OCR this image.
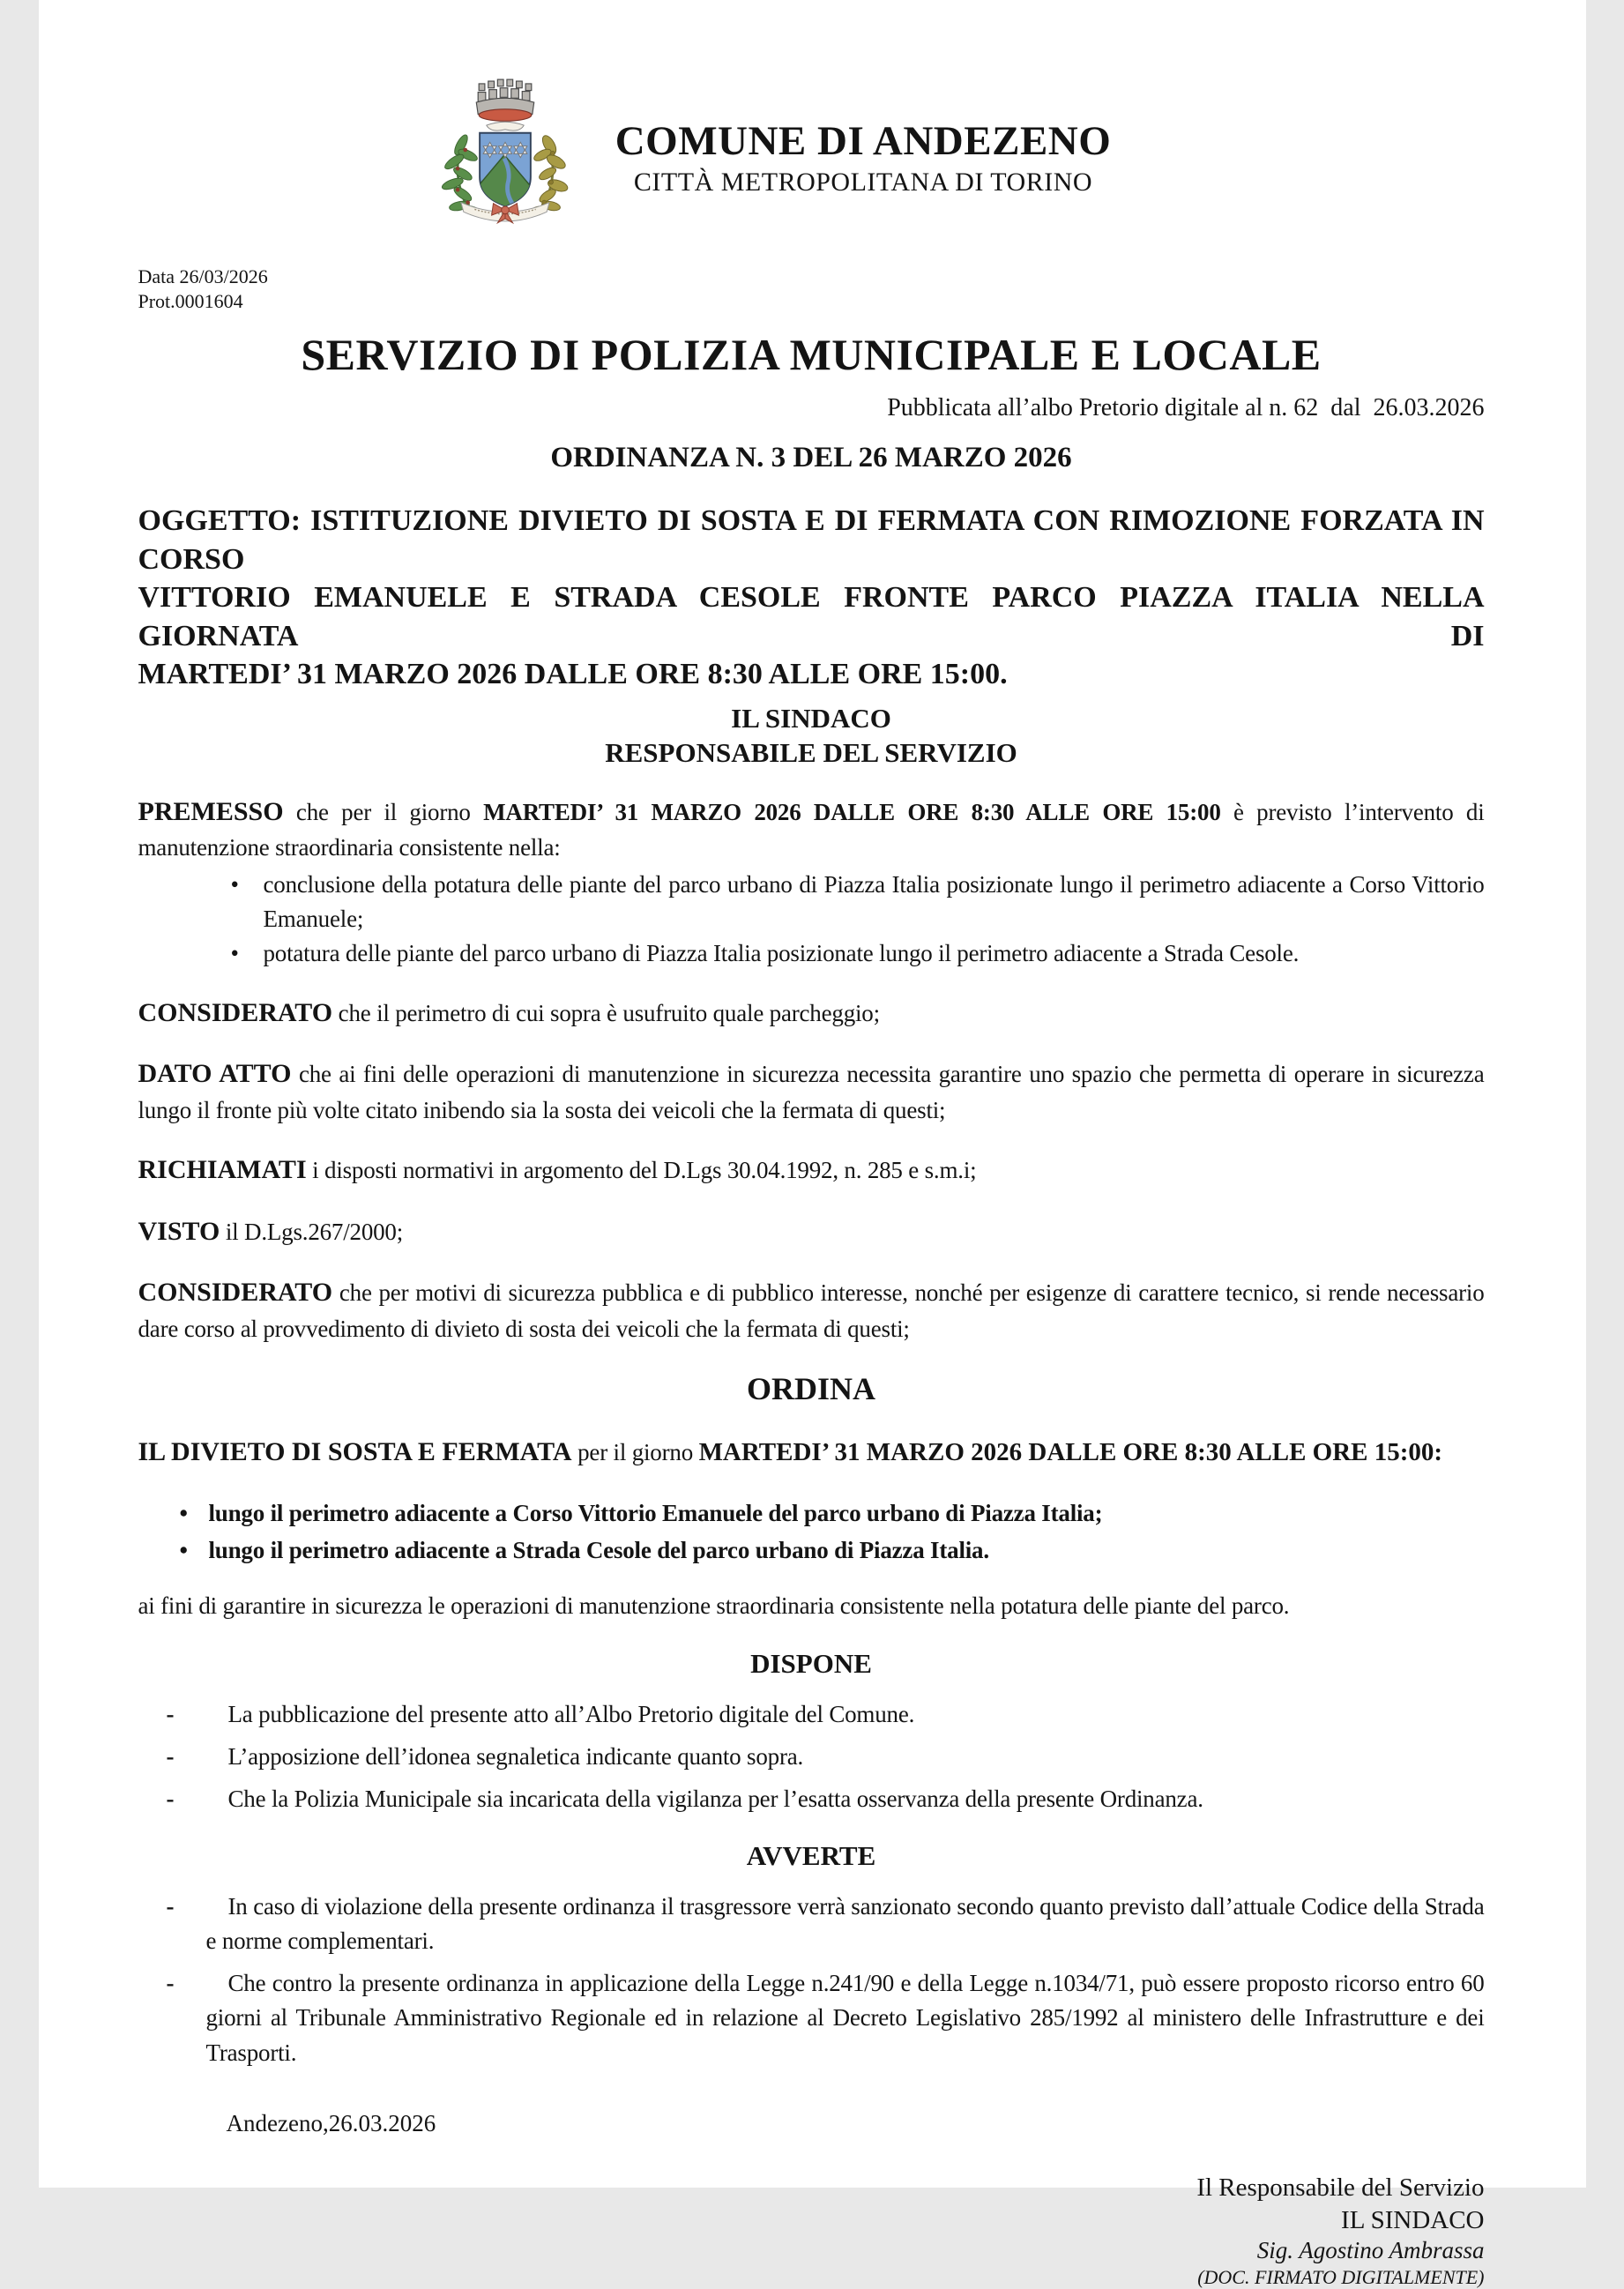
COMUNE DI ANDEZENO
CITTÀ METROPOLITANA DI TORINO
Data 26/03/2026
Prot.0001604
SERVIZIO DI POLIZIA MUNICIPALE E LOCALE
Pubblicata all’albo Pretorio digitale al n. 62  dal  26.03.2026
ORDINANZA N. 3 DEL 26 MARZO 2026
OGGETTO: ISTITUZIONE DIVIETO DI SOSTA E DI FERMATA CON RIMOZIONE FORZATA IN CORSO
VITTORIO EMANUELE E STRADA CESOLE FRONTE PARCO PIAZZA ITALIA NELLA GIORNATA DI
MARTEDI’ 31 MARZO 2026 DALLE ORE 8:30 ALLE ORE 15:00.
IL SINDACO
RESPONSABILE DEL SERVIZIO

PREMESSO che per il giorno MARTEDI’ 31 MARZO 2026 DALLE ORE 8:30 ALLE ORE 15:00 è previsto l’intervento di manutenzione straordinaria consistente nella:

• conclusione della potatura delle piante del parco urbano di Piazza Italia posizionate lungo il perimetro adiacente a Corso Vittorio Emanuele;
• potatura delle piante del parco urbano di Piazza Italia posizionate lungo il perimetro adiacente a Strada Cesole.

CONSIDERATO che il perimetro di cui sopra è usufruito quale parcheggio;

DATO ATTO che ai fini delle operazioni di manutenzione in sicurezza necessita garantire uno spazio che permetta di operare in sicurezza lungo il fronte più volte citato inibendo sia la sosta dei veicoli che la fermata di questi;

RICHIAMATI i disposti normativi in argomento del D.Lgs 30.04.1992, n. 285 e s.m.i;

VISTO il D.Lgs.267/2000;

CONSIDERATO che per motivi di sicurezza pubblica e di pubblico interesse, nonché per esigenze di carattere tecnico, si rende necessario dare corso al provvedimento di divieto di sosta dei veicoli che la fermata di questi;

ORDINA

IL DIVIETO DI SOSTA E FERMATA per il giorno MARTEDI’ 31 MARZO 2026 DALLE ORE 8:30 ALLE ORE 15:00:

• lungo il perimetro adiacente a Corso Vittorio Emanuele del parco urbano di Piazza Italia;
• lungo il perimetro adiacente a Strada Cesole del parco urbano di Piazza Italia.

ai fini di garantire in sicurezza le operazioni di manutenzione straordinaria consistente nella potatura delle piante del parco.

DISPONE
- La pubblicazione del presente atto all’Albo Pretorio digitale del Comune.
- L’apposizione dell’idonea segnaletica indicante quanto sopra.
- Che la Polizia Municipale sia incaricata della vigilanza per l’esatta osservanza della presente Ordinanza.
AVVERTE
- In caso di violazione della presente ordinanza il trasgressore verrà sanzionato secondo quanto previsto dall’attuale Codice della Strada e norme complementari.
- Che contro la presente ordinanza in applicazione della Legge n.241/90 e della Legge n.1034/71, può essere proposto ricorso entro 60 giorni al Tribunale Amministrativo Regionale ed in relazione al Decreto Legislativo 285/1992 al ministero delle Infrastrutture e dei Trasporti.
Andezeno,26.03.2026
Il Responsabile del Servizio
IL SINDACO
Sig. Agostino Ambrassa
(DOC. FIRMATO DIGITALMENTE)
